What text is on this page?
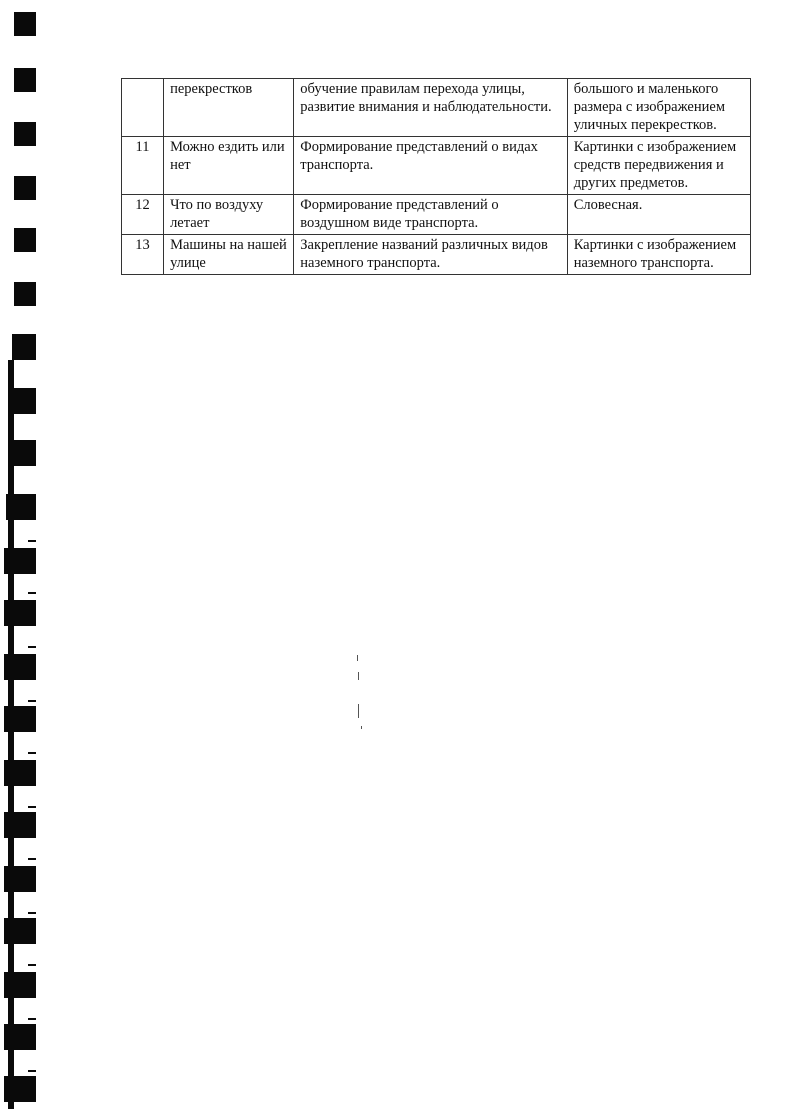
	перекрестков	обучение правилам перехода улицы, развитие внимания и наблюдательности.	большого и маленького размера с изображением уличных перекрестков.
11	Можно ездить или нет	Формирование представлений о видах транспорта.	Картинки с изображением средств передвижения и других предметов.
12	Что по воздуху летает	Формирование представлений о воздушном виде транспорта.	Словесная.
13	Машины на нашей улице	Закрепление названий различных видов наземного транспорта.	Картинки с изображением наземного транспорта.
